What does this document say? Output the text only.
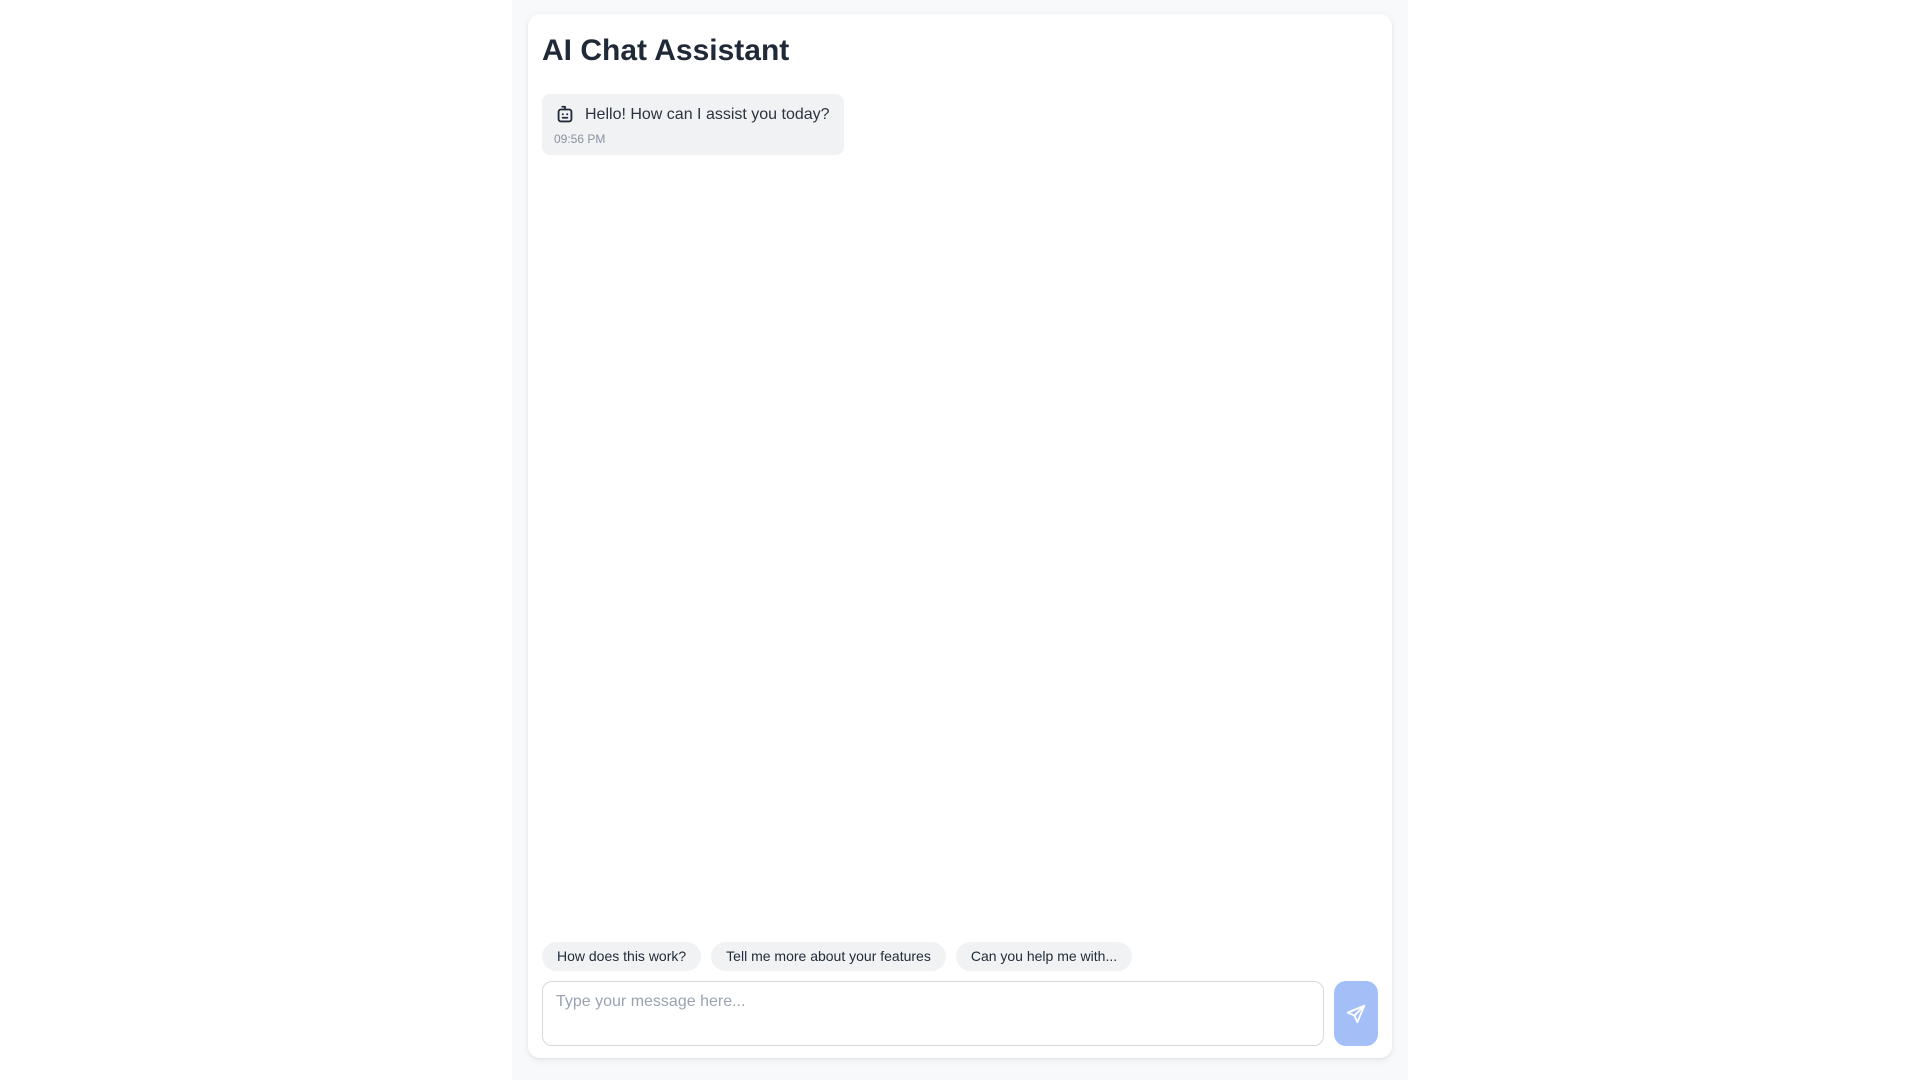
AI Chat Assistant
Hello! How can I assist you today?
09:56 PM
How does this work?	Tell me more about your features	Can you help me with...
Type your message here...
